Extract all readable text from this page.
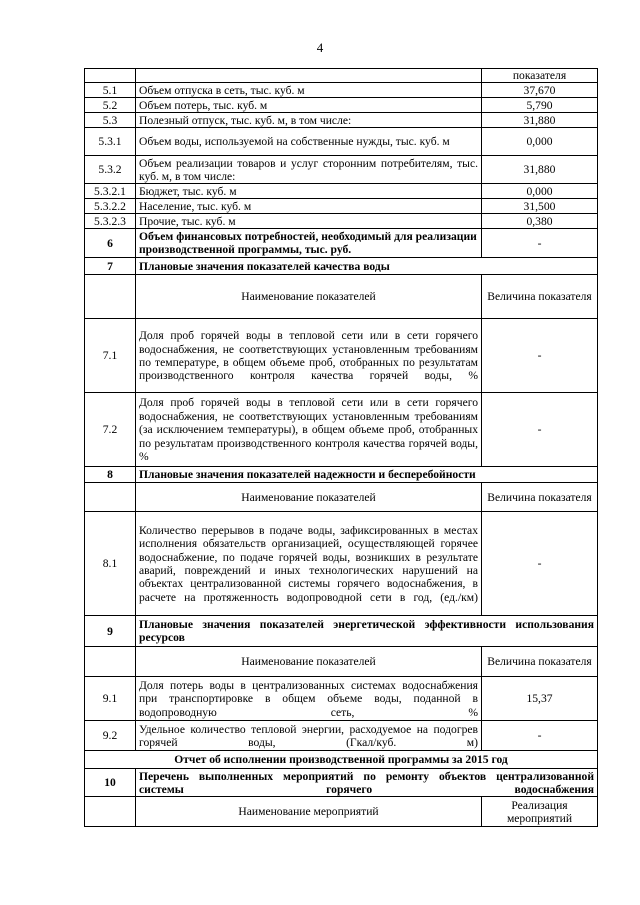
4
		показателя
5.1	Объем отпуска в сеть, тыс. куб. м	37,670
5.2	Объем потерь, тыс. куб. м	5,790
5.3	Полезный отпуск, тыс. куб. м, в том числе:	31,880
5.3.1	Объем воды, используемой на собственные нужды, тыс. куб. м	0,000
5.3.2	Объем реализации товаров и услуг сторонним потребителям, тыс. куб. м, в том числе:	31,880
5.3.2.1	Бюджет, тыс. куб. м	0,000
5.3.2.2	Население, тыс. куб. м	31,500
5.3.2.3	Прочие, тыс. куб. м	0,380
6	Объем финансовых потребностей, необходимый для реализации производственной программы, тыс. руб.	-
7	Плановые значения показателей качества воды	
	Наименование показателей	Величина показателя
7.1	Доля проб горячей воды в тепловой сети или в сети горячего водоснабжения, не соответствующих установленным требованиям по температуре, в общем объеме проб, отобранных по результатам производственного контроля качества горячей воды, %	-
7.2	Доля проб горячей воды в тепловой сети или в сети горячего водоснабжения, не соответствующих установленным требованиям (за исключением температуры), в общем объеме проб, отобранных по результатам производственного контроля качества горячей воды, %	-
8	Плановые значения показателей надежности и бесперебойности	
	Наименование показателей	Величина показателя
8.1	Количество перерывов в подаче воды, зафиксированных в местах исполнения обязательств организацией, осуществляющей горячее водоснабжение, по подаче горячей воды, возникших в результате аварий, повреждений и иных технологических нарушений на объектах централизованной системы горячего водоснабжения, в расчете на протяженность водопроводной сети в год, (ед./км)	-
9	Плановые значения показателей энергетической эффективности использования ресурсов	
	Наименование показателей	Величина показателя
9.1	Доля потерь воды в централизованных системах водоснабжения при транспортировке в общем объеме воды, поданной в водопроводную сеть, %	15,37
9.2	Удельное количество тепловой энергии, расходуемое на подогрев горячей воды, (Гкал/куб. м)	-
Отчет об исполнении производственной программы за 2015 год		
10	Перечень выполненных мероприятий по ремонту объектов централизованной системы горячего водоснабжения	
	Наименование мероприятий	Реализация мероприятий
